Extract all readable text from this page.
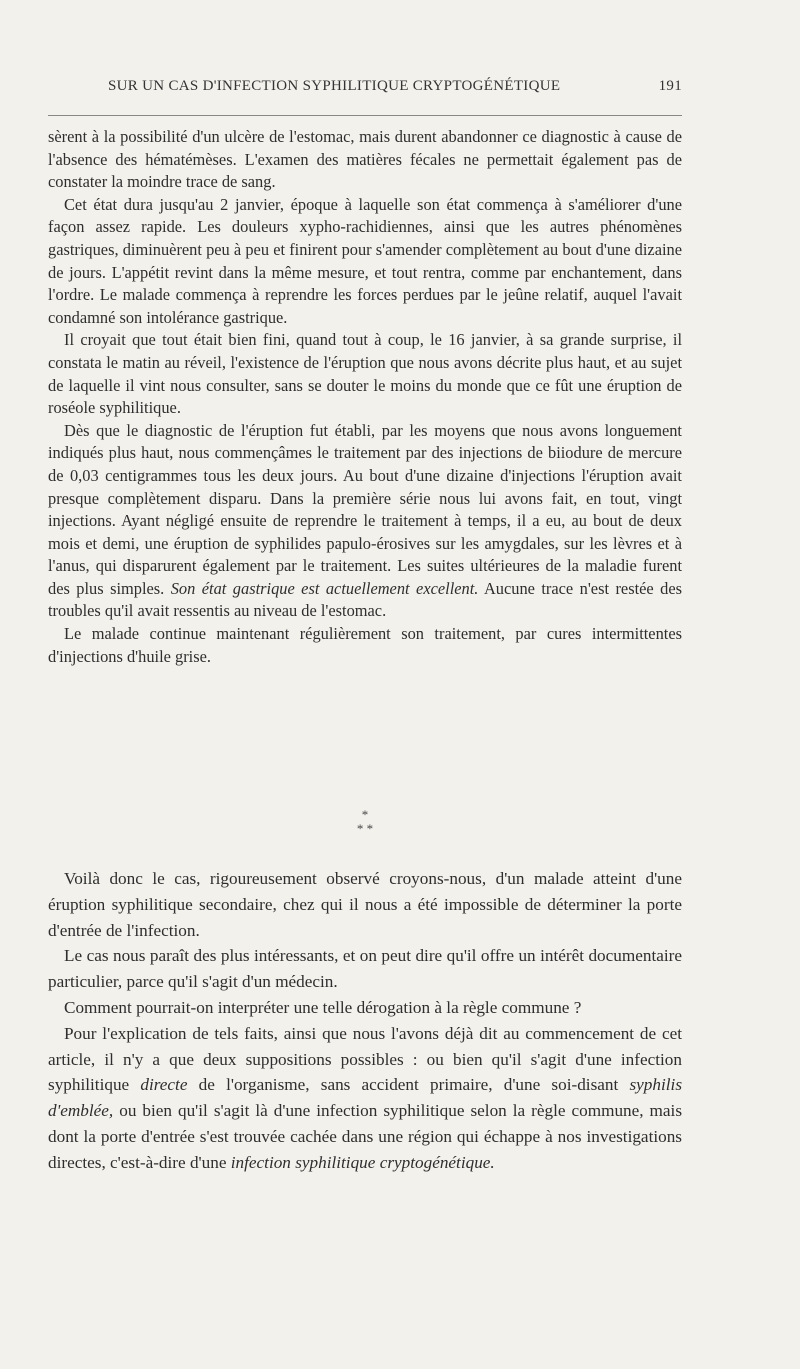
SUR UN CAS D'INFECTION SYPHILITIQUE CRYPTOGÉNÉTIQUE	191

sèrent à la possibilité d'un ulcère de l'estomac, mais durent abandonner ce diagnostic à cause de l'absence des hématémèses. L'examen des matières fécales ne permettait également pas de constater la moindre trace de sang.

Cet état dura jusqu'au 2 janvier, époque à laquelle son état commença à s'améliorer d'une façon assez rapide. Les douleurs xypho-rachidiennes, ainsi que les autres phénomènes gastriques, diminuèrent peu à peu et finirent pour s'amender complètement au bout d'une dizaine de jours. L'appétit revint dans la même mesure, et tout rentra, comme par enchantement, dans l'ordre. Le malade commença à reprendre les forces perdues par le jeûne relatif, auquel l'avait condamné son intolérance gastrique.

Il croyait que tout était bien fini, quand tout à coup, le 16 janvier, à sa grande surprise, il constata le matin au réveil, l'existence de l'éruption que nous avons décrite plus haut, et au sujet de laquelle il vint nous consulter, sans se douter le moins du monde que ce fût une éruption de roséole syphilitique.

Dès que le diagnostic de l'éruption fut établi, par les moyens que nous avons longuement indiqués plus haut, nous commençâmes le traitement par des injections de biiodure de mercure de 0,03 centigrammes tous les deux jours. Au bout d'une dizaine d'injections l'éruption avait presque complètement disparu. Dans la première série nous lui avons fait, en tout, vingt injections. Ayant négligé ensuite de reprendre le traitement à temps, il a eu, au bout de deux mois et demi, une éruption de syphilides papulo-érosives sur les amygdales, sur les lèvres et à l'anus, qui disparurent également par le traitement. Les suites ultérieures de la maladie furent des plus simples. Son état gastrique est actuellement excellent. Aucune trace n'est restée des troubles qu'il avait ressentis au niveau de l'estomac.

Le malade continue maintenant régulièrement son traitement, par cures intermittentes d'injections d'huile grise.

*
* *

Voilà donc le cas, rigoureusement observé croyons-nous, d'un malade atteint d'une éruption syphilitique secondaire, chez qui il nous a été impossible de déterminer la porte d'entrée de l'infection.

Le cas nous paraît des plus intéressants, et on peut dire qu'il offre un intérêt documentaire particulier, parce qu'il s'agit d'un médecin.

Comment pourrait-on interpréter une telle dérogation à la règle commune ?

Pour l'explication de tels faits, ainsi que nous l'avons déjà dit au commencement de cet article, il n'y a que deux suppositions possibles : ou bien qu'il s'agit d'une infection syphilitique directe de l'organisme, sans accident primaire, d'une soi-disant syphilis d'emblée, ou bien qu'il s'agit là d'une infection syphilitique selon la règle commune, mais dont la porte d'entrée s'est trouvée cachée dans une région qui échappe à nos investigations directes, c'est-à-dire d'une infection syphilitique cryptogénétique.
